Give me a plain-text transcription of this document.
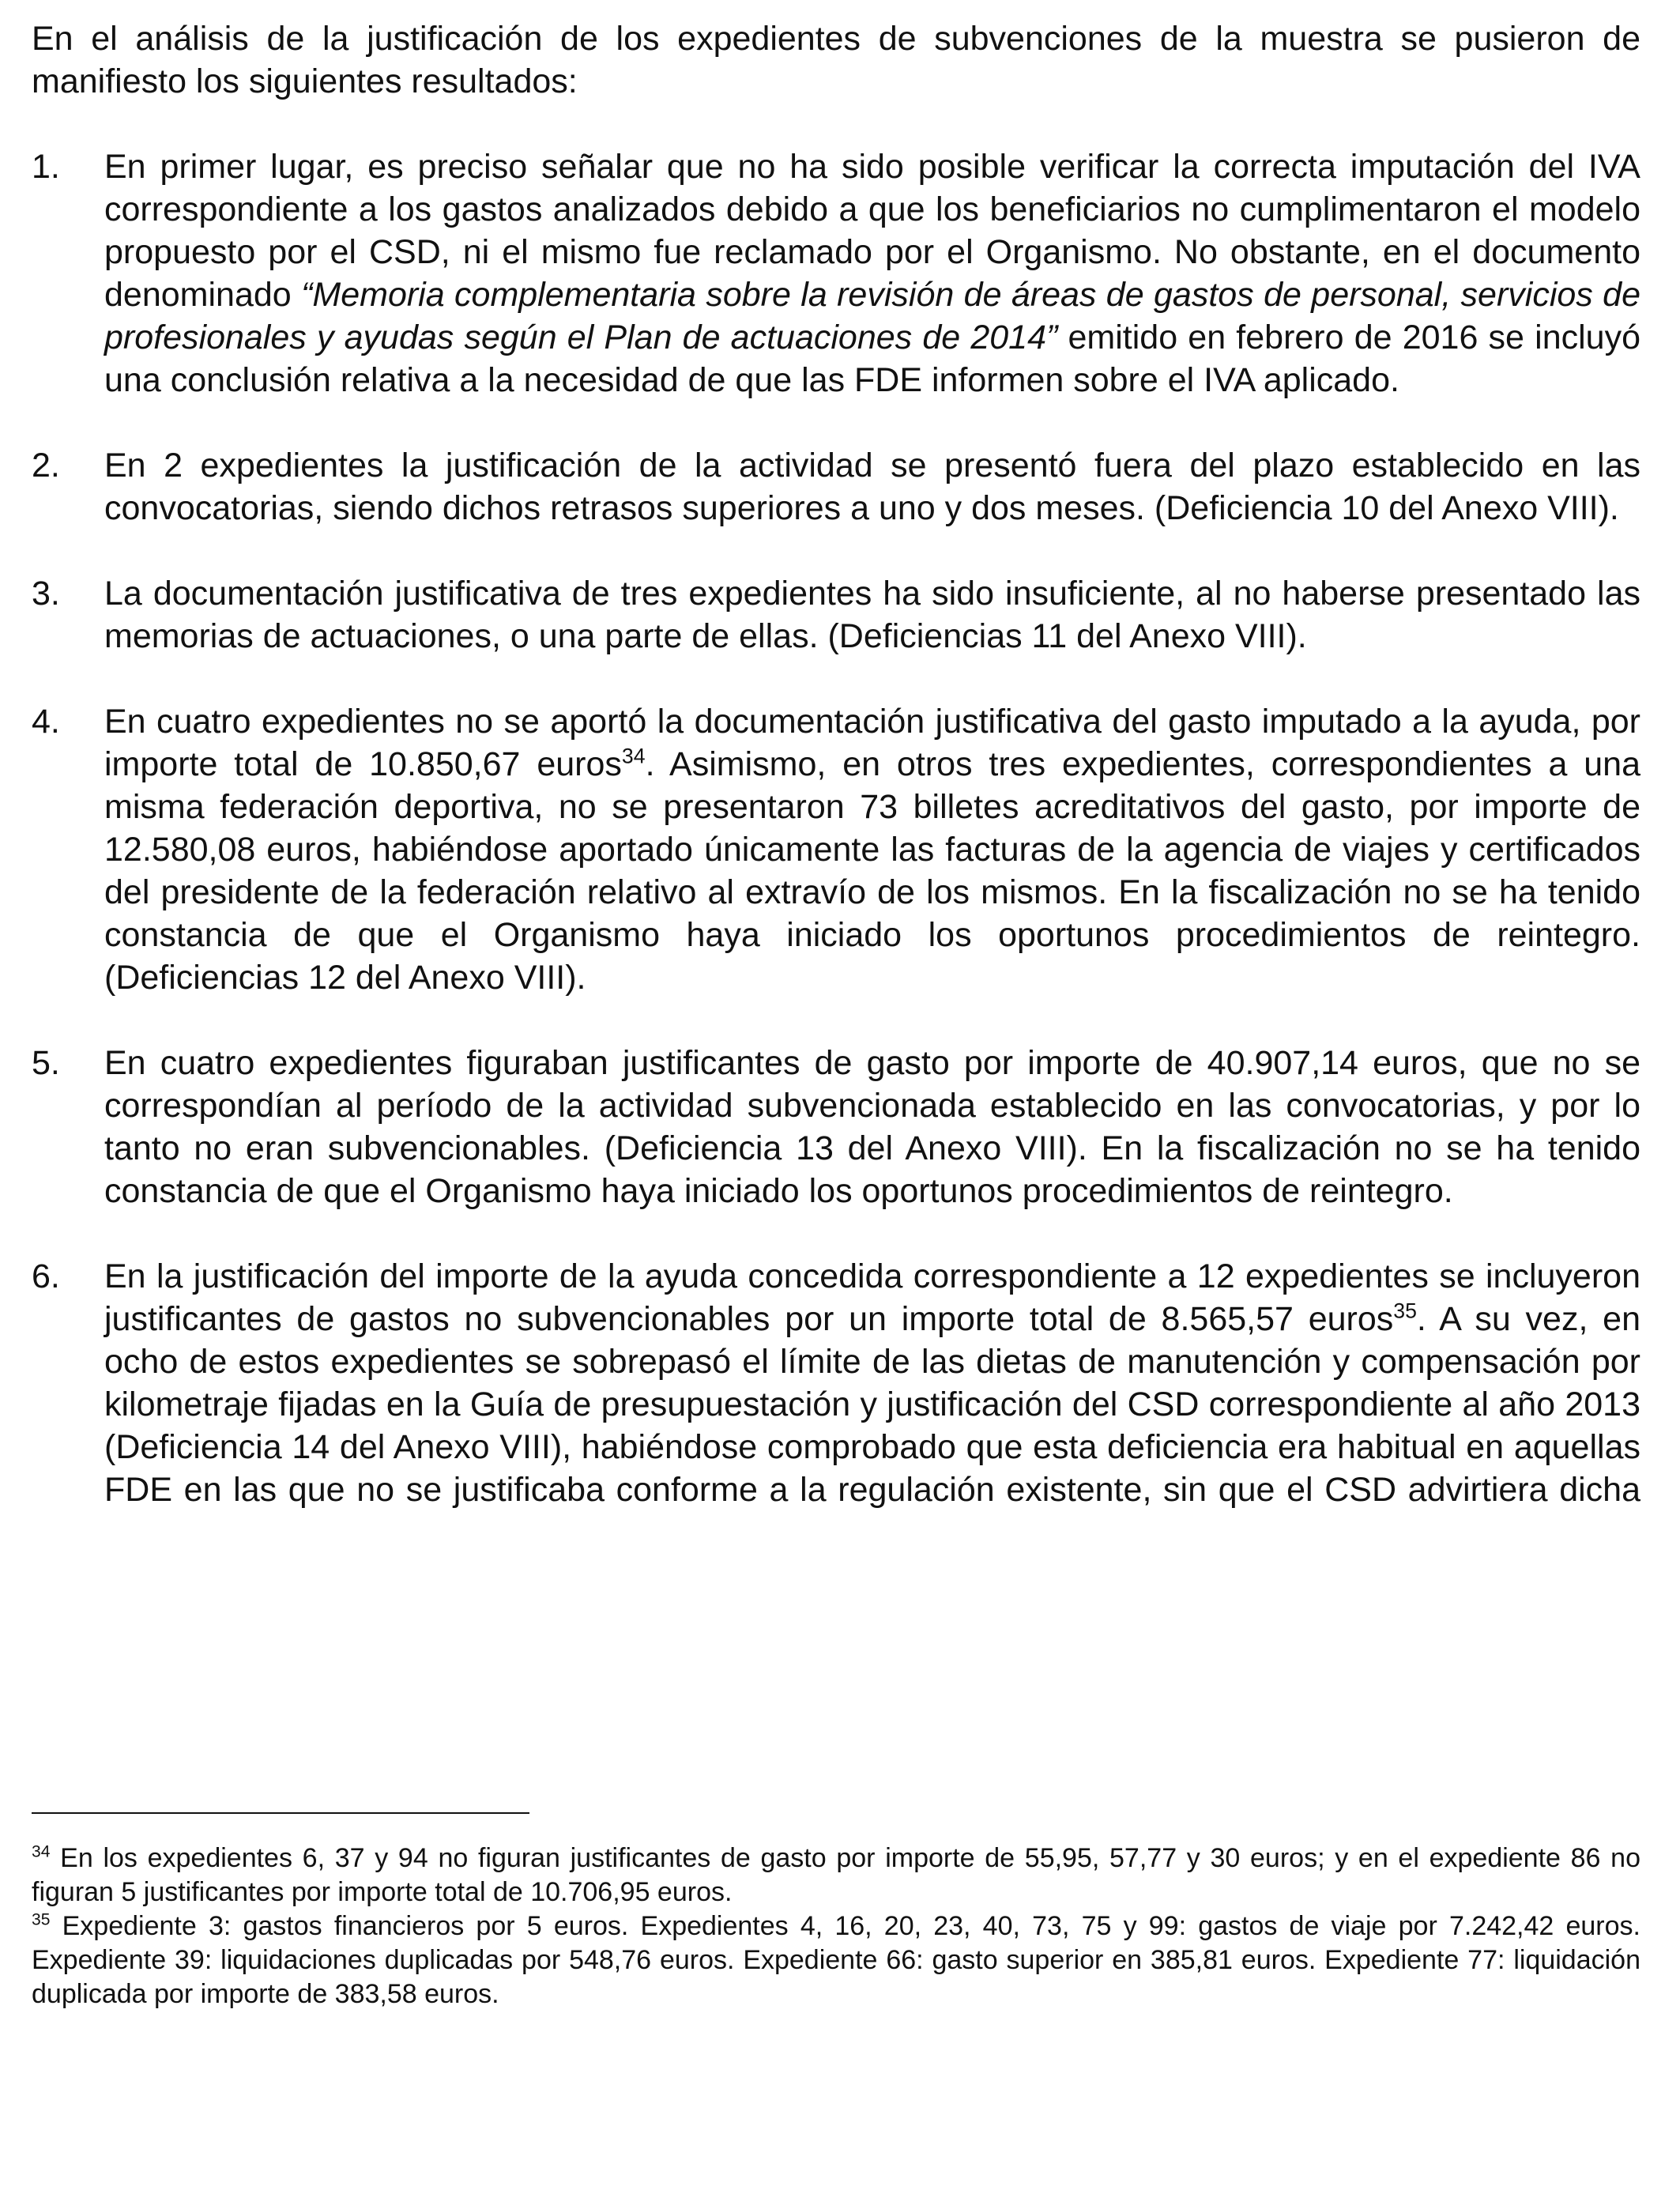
En el análisis de la justificación de los expedientes de subvenciones de la muestra se pusieron de manifiesto los siguientes resultados:

1.	En primer lugar, es preciso señalar que no ha sido posible verificar la correcta imputación del IVA correspondiente a los gastos analizados debido a que los beneficiarios no cumplimentaron el modelo propuesto por el CSD, ni el mismo fue reclamado por el Organismo. No obstante, en el documento denominado “Memoria complementaria sobre la revisión de áreas de gastos de personal, servicios de profesionales y ayudas según el Plan de actuaciones de 2014” emitido en febrero de 2016 se incluyó una conclusión relativa a la necesidad de que las FDE informen sobre el IVA aplicado.
2.	En 2 expedientes la justificación de la actividad se presentó fuera del plazo establecido en las convocatorias, siendo dichos retrasos superiores a uno y dos meses. (Deficiencia 10 del Anexo VIII).
3.	La documentación justificativa de tres expedientes ha sido insuficiente, al no haberse presentado las memorias de actuaciones, o una parte de ellas. (Deficiencias 11 del Anexo VIII).
4.	En cuatro expedientes no se aportó la documentación justificativa del gasto imputado a la ayuda, por importe total de 10.850,67 euros$^{34}$. Asimismo, en otros tres expedientes, correspondientes a una misma federación deportiva, no se presentaron 73 billetes acreditativos del gasto, por importe de 12.580,08 euros, habiéndose aportado únicamente las facturas de la agencia de viajes y certificados del presidente de la federación relativo al extravío de los mismos. En la fiscalización no se ha tenido constancia de que el Organismo haya iniciado los oportunos procedimientos de reintegro. (Deficiencias 12 del Anexo VIII).
5.	En cuatro expedientes figuraban justificantes de gasto por importe de 40.907,14 euros, que no se correspondían al período de la actividad subvencionada establecido en las convocatorias, y por lo tanto no eran subvencionables. (Deficiencia 13 del Anexo VIII). En la fiscalización no se ha tenido constancia de que el Organismo haya iniciado los oportunos procedimientos de reintegro.
6.	En la justificación del importe de la ayuda concedida correspondiente a 12 expedientes se incluyeron justificantes de gastos no subvencionables por un importe total de 8.565,57 euros$^{35}$. A su vez, en ocho de estos expedientes se sobrepasó el límite de las dietas de manutención y compensación por kilometraje fijadas en la Guía de presupuestación y justificación del CSD correspondiente al año 2013 (Deficiencia 14 del Anexo VIII), habiéndose comprobado que esta deficiencia era habitual en aquellas FDE en las que no se justificaba conforme a la regulación existente, sin que el CSD advirtiera dicha

$^{34}$ En los expedientes 6, 37 y 94 no figuran justificantes de gasto por importe de 55,95, 57,77 y 30 euros; y en el expediente 86 no figuran 5 justificantes por importe total de 10.706,95 euros.

$^{35}$ Expediente 3: gastos financieros por 5 euros. Expedientes 4, 16, 20, 23, 40, 73, 75 y 99: gastos de viaje por 7.242,42 euros. Expediente 39: liquidaciones duplicadas por 548,76 euros. Expediente 66: gasto superior en 385,81 euros. Expediente 77: liquidación duplicada por importe de 383,58 euros.
